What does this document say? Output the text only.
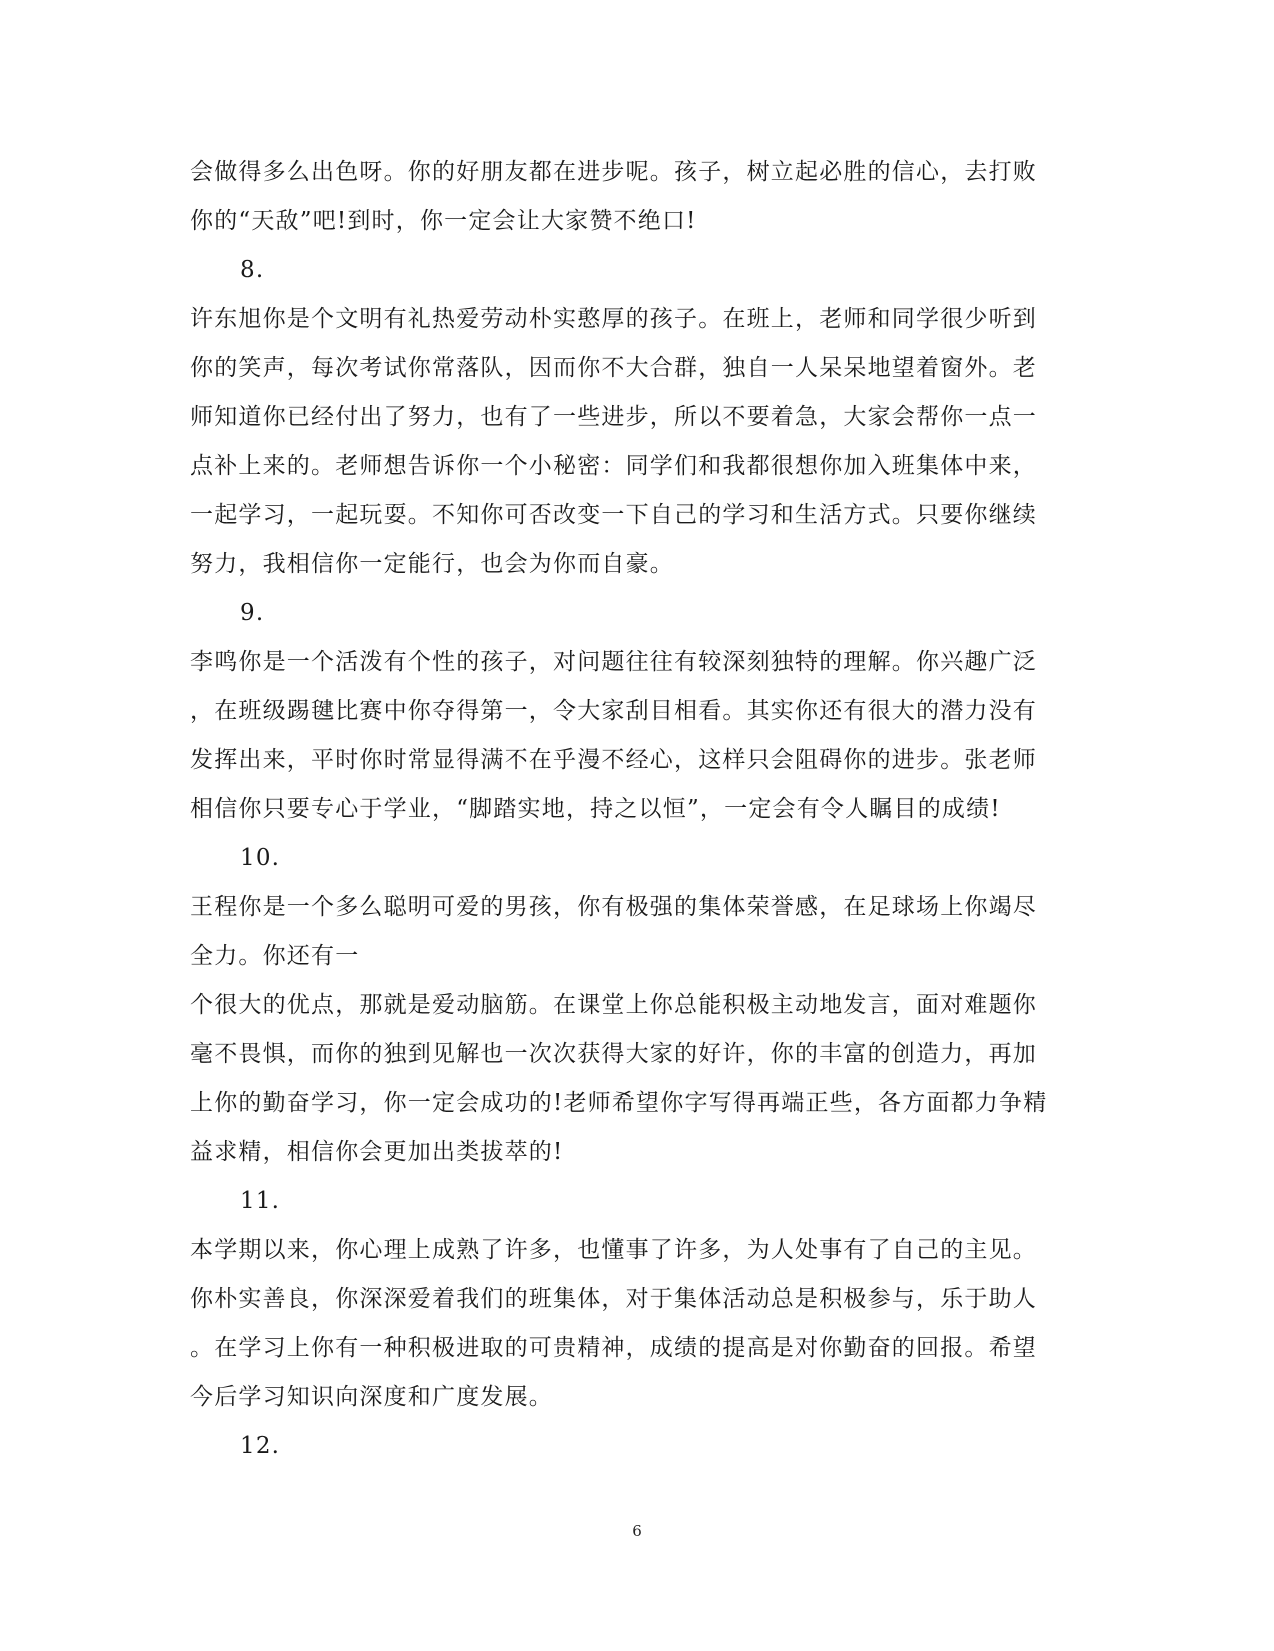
会做得多么出色呀。你的好朋友都在进步呢。孩子，树立起必胜的信心，去打败
你的“天敌”吧!到时，你一定会让大家赞不绝口!
8.
许东旭你是个文明有礼热爱劳动朴实憨厚的孩子。在班上，老师和同学很少听到
你的笑声，每次考试你常落队，因而你不大合群，独自一人呆呆地望着窗外。老
师知道你已经付出了努力，也有了一些进步，所以不要着急，大家会帮你一点一
点补上来的。老师想告诉你一个小秘密：同学们和我都很想你加入班集体中来，
一起学习，一起玩耍。不知你可否改变一下自己的学习和生活方式。只要你继续
努力，我相信你一定能行，也会为你而自豪。
9.
李鸣你是一个活泼有个性的孩子，对问题往往有较深刻独特的理解。你兴趣广泛
，在班级踢毽比赛中你夺得第一，令大家刮目相看。其实你还有很大的潜力没有
发挥出来，平时你时常显得满不在乎漫不经心，这样只会阻碍你的进步。张老师
相信你只要专心于学业，“脚踏实地，持之以恒”，一定会有令人瞩目的成绩!
10.
王程你是一个多么聪明可爱的男孩，你有极强的集体荣誉感，在足球场上你竭尽
全力。你还有一
个很大的优点，那就是爱动脑筋。在课堂上你总能积极主动地发言，面对难题你
毫不畏惧，而你的独到见解也一次次获得大家的好许，你的丰富的创造力，再加
上你的勤奋学习，你一定会成功的!老师希望你字写得再端正些，各方面都力争精
益求精，相信你会更加出类拔萃的!
11.
本学期以来，你心理上成熟了许多，也懂事了许多，为人处事有了自己的主见。
你朴实善良，你深深爱着我们的班集体，对于集体活动总是积极参与，乐于助人
。在学习上你有一种积极进取的可贵精神，成绩的提高是对你勤奋的回报。希望
今后学习知识向深度和广度发展。
12.
6
